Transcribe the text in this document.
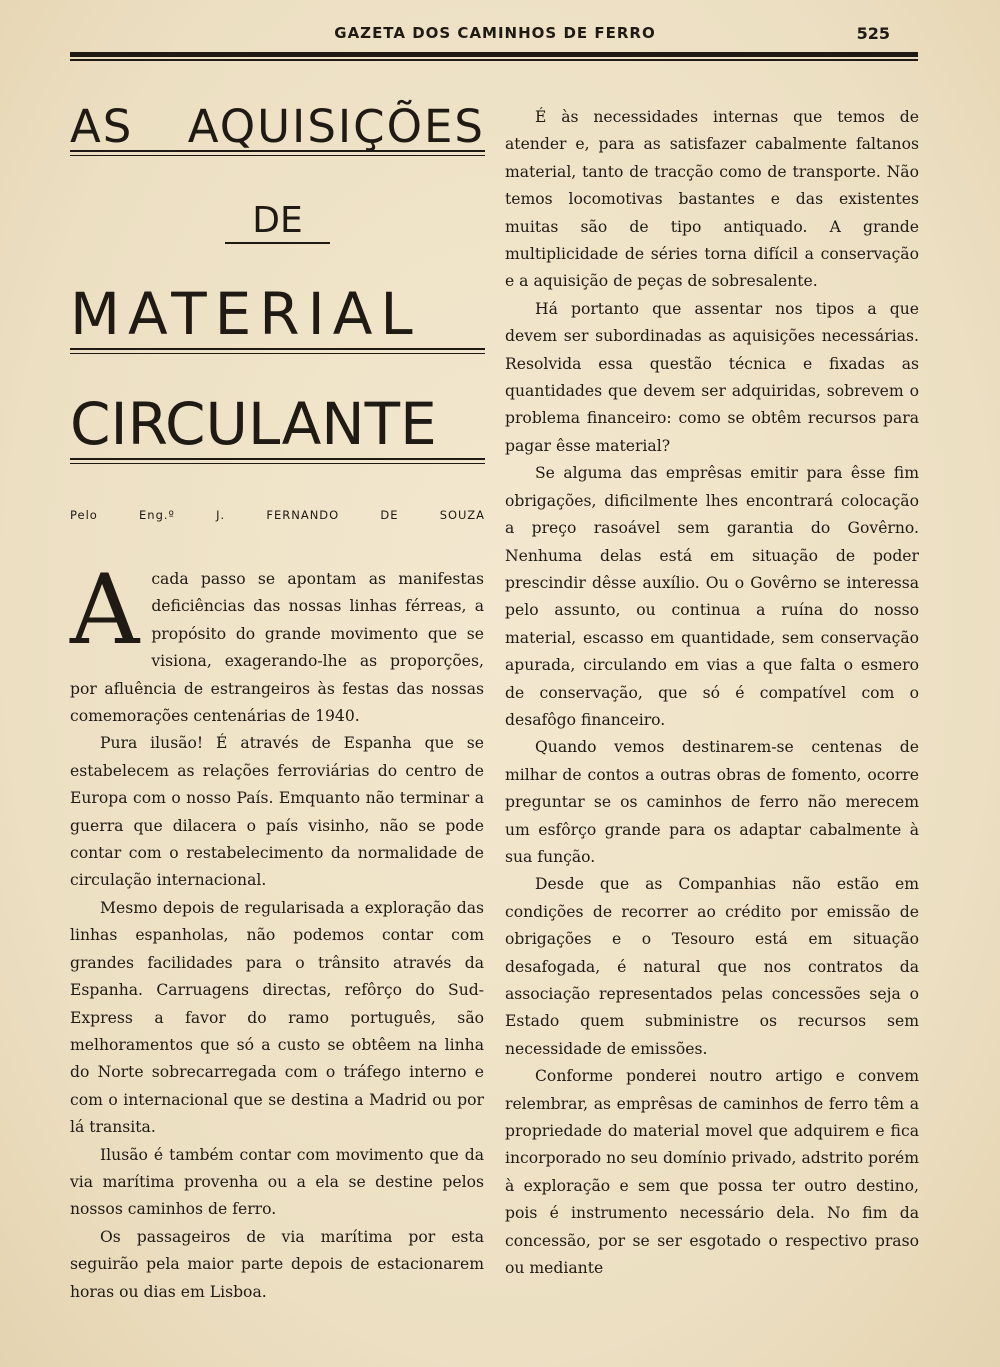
GAZETA DOS CAMINHOS DE FERRO	525
AS AQUISIÇÕES
DE
MATERIAL
CIRCULANTE
Pelo	Eng.º	J.	FERNANDO	DE	SOUZA

Acada passo se apontam as manifestas deficiências das nossas linhas férreas, a propósito do grande movimento que se visiona, exagerando-lhe as proporções, por afluência de estrangeiros às festas das nossas comemorações centenárias de 1940.

Pura ilusão! É através de Espanha que se estabelecem as relações ferroviárias do centro de Europa com o nosso País. Emquanto não terminar a guerra que dilacera o país visinho, não se pode contar com o restabelecimento da normalidade de circulação internacional.

Mesmo depois de regularisada a exploração das linhas espanholas, não podemos contar com grandes facilidades para o trânsito através da Espanha. Carruagens directas, refôrço do Sud-Express a favor do ramo português, são melhoramentos que só a custo se obtêem na linha do Norte sobrecarregada com o tráfego interno e com o internacional que se destina a Madrid ou por lá transita.

Ilusão é também contar com movimento que da via marítima provenha ou a ela se destine pelos nossos caminhos de ferro.

Os passageiros de via marítima por esta seguirão pela maior parte depois de estacionarem horas ou dias em Lisboa.

É às necessidades internas que temos de atender e, para as satisfazer cabalmente faltanos material, tanto de tracção como de transporte. Não temos locomotivas bastantes e das existentes muitas são de tipo antiquado. A grande multiplicidade de séries torna difícil a conservação e a aquisição de peças de sobresalente.

Há portanto que assentar nos tipos a que devem ser subordinadas as aquisições necessárias. Resolvida essa questão técnica e fixadas as quantidades que devem ser adquiridas, sobrevem o problema financeiro: como se obtêm recursos para pagar êsse material?

Se alguma das emprêsas emitir para êsse fim obrigações, dificilmente lhes encontrará colocação a preço rasoável sem garantia do Govêrno. Nenhuma delas está em situação de poder prescindir dêsse auxílio. Ou o Govêrno se interessa pelo assunto, ou continua a ruína do nosso material, escasso em quantidade, sem conservação apurada, circulando em vias a que falta o esmero de conservação, que só é compatível com o desafôgo financeiro.

Quando vemos destinarem-se centenas de milhar de contos a outras obras de fomento, ocorre preguntar se os caminhos de ferro não merecem um esfôrço grande para os adaptar cabalmente à sua função.

Desde que as Companhias não estão em condições de recorrer ao crédito por emissão de obrigações e o Tesouro está em situação desafogada, é natural que nos contratos da associação representados pelas concessões seja o Estado quem subministre os recursos sem necessidade de emissões.

Conforme ponderei noutro artigo e convem relembrar, as emprêsas de caminhos de ferro têm a propriedade do material movel que adquirem e fica incorporado no seu domínio privado, adstrito porém à exploração e sem que possa ter outro destino, pois é instrumento necessário dela. No fim da concessão, por se ser esgotado o respectivo praso ou mediante
